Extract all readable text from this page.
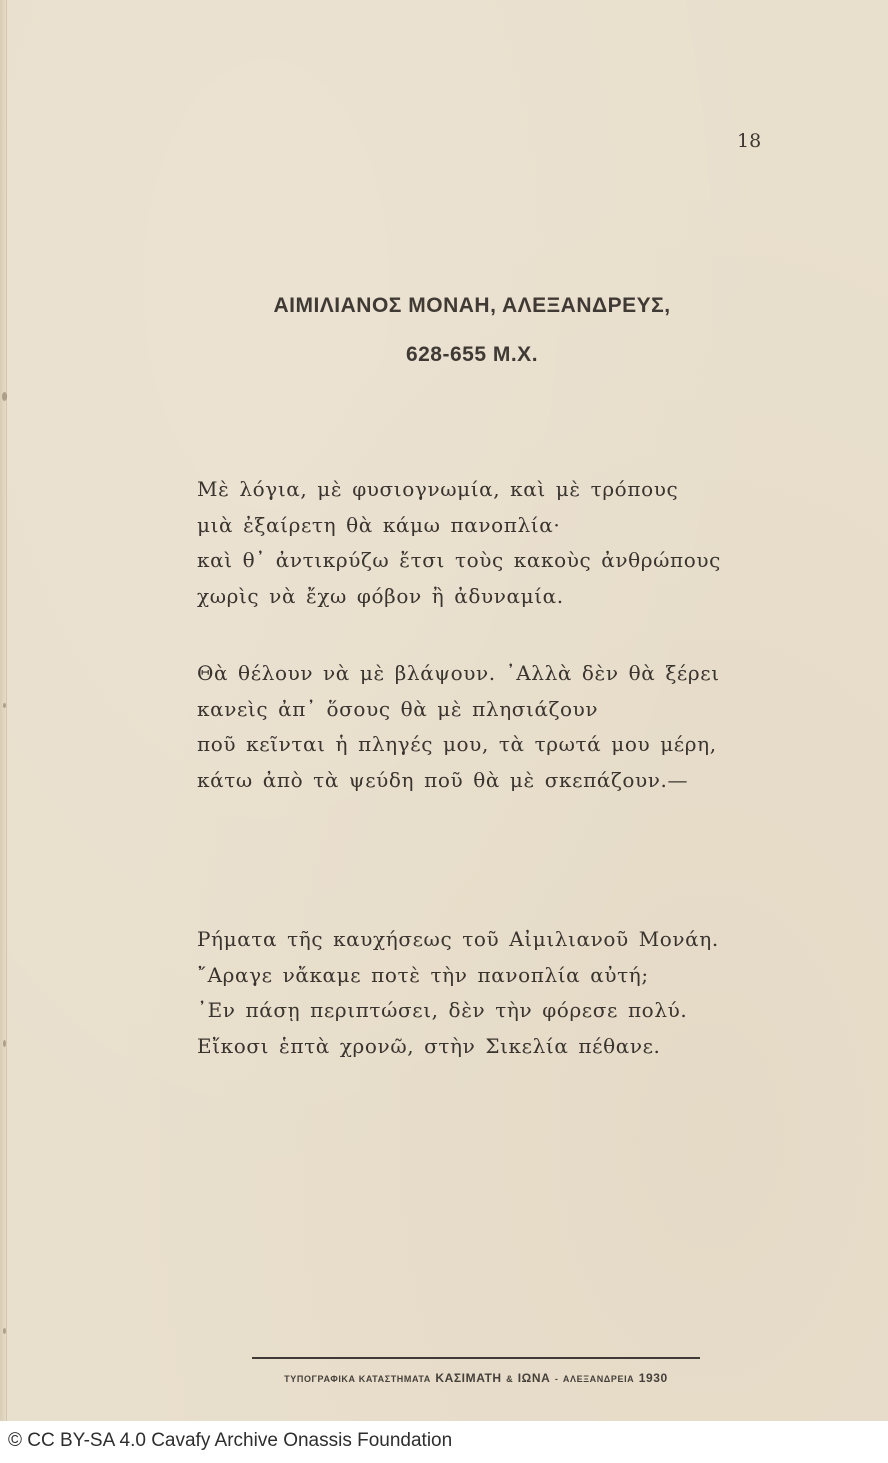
18
ΑΙΜΙΛΙΑΝΟΣ ΜΟΝΑΗ, ΑΛΕΞΑΝΔΡΕΥΣ,
628-655 Μ.Χ.
Μὲ λόγια, μὲ φυσιογνωμία, καὶ μὲ τρόπους
μιὰ ἐξαίρετη θὰ κάμω πανοπλία·
καὶ θ᾽ ἀντικρύζω ἔτσι τοὺς κακοὺς ἀνθρώπους
χωρὶς νὰ ἔχω φόβον ἢ ἀδυναμία.
Θὰ θέλουν νὰ μὲ βλάψουν. ᾽Αλλὰ δὲν θὰ ξέρει
κανεὶς ἀπ᾽ ὅσους θὰ μὲ πλησιάζουν
ποῦ κεῖνται ἡ πληγές μου, τὰ τρωτά μου μέρη,
κάτω ἀπὸ τὰ ψεύδη ποῦ θὰ μὲ σκεπάζουν.—
Ρήματα τῆς καυχήσεως τοῦ Αἰμιλιανοῦ Μονάη.
῎Αραγε νἄκαμε ποτὲ τὴν πανοπλία αὐτή;
᾽Εν πάσῃ περιπτώσει, δὲν τὴν φόρεσε πολύ.
Εἴκοσι ἑπτὰ χρονῶ, στὴν Σικελία πέθανε.
ΤΥΠΟΓΡΑΦΙΚΑ ΚΑΤΑΣΤΗΜΑΤΑ ΚΑΣΙΜΑΤΗ & ΙΩΝΑ - ΑΛΕΞΑΝΔΡΕΙΑ 1930
© CC BY-SA 4.0 Cavafy Archive Onassis Foundation
